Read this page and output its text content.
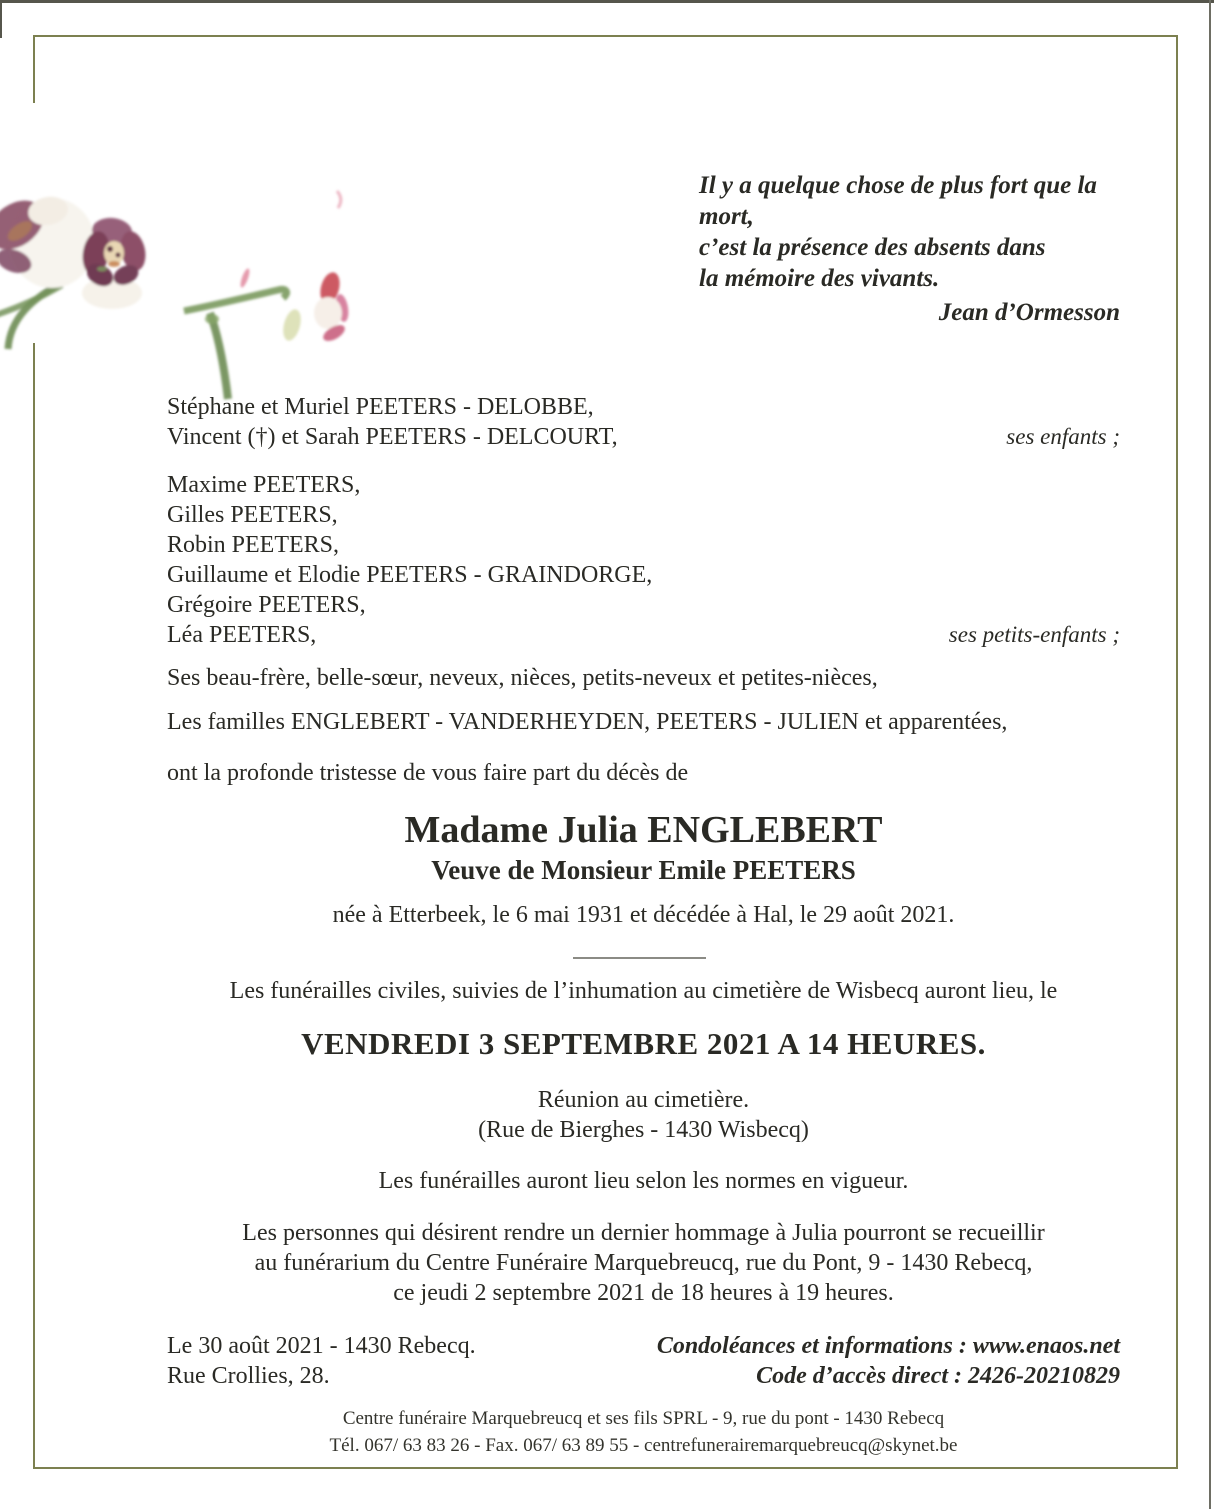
Il y a quelque chose de plus fort que la mort,
c’est la présence des absents dans
la mémoire des vivants.
Jean d’Ormesson
Stéphane et Muriel PEETERS - DELOBBE,
Vincent (†) et Sarah PEETERS - DELCOURT,	ses enfants ;
Maxime PEETERS,
Gilles PEETERS,
Robin PEETERS,
Guillaume et Elodie PEETERS - GRAINDORGE,
Grégoire PEETERS,
Léa PEETERS,	ses petits-enfants ;
Ses beau-frère, belle-sœur, neveux, nièces, petits-neveux et petites-nièces,
Les familles ENGLEBERT - VANDERHEYDEN, PEETERS - JULIEN et apparentées,
ont la profonde tristesse de vous faire part du décès de
Madame Julia ENGLEBERT
Veuve de Monsieur Emile PEETERS
née à Etterbeek, le 6 mai 1931 et décédée à Hal, le 29 août 2021.
Les funérailles civiles, suivies de l’inhumation au cimetière de Wisbecq auront lieu, le
VENDREDI 3 SEPTEMBRE 2021 A 14 HEURES.
Réunion au cimetière.
(Rue de Bierghes - 1430 Wisbecq)
Les funérailles auront lieu selon les normes en vigueur.
Les personnes qui désirent rendre un dernier hommage à Julia pourront se recueillir
au funérarium du Centre Funéraire Marquebreucq, rue du Pont, 9 - 1430 Rebecq,
ce jeudi 2 septembre 2021 de 18 heures à 19 heures.
Le 30 août 2021 - 1430 Rebecq.
Rue Crollies, 28.
Condoléances et informations : www.enaos.net
Code d’accès direct : 2426-20210829
Centre funéraire Marquebreucq et ses fils SPRL - 9, rue du pont - 1430 Rebecq
Tél. 067/ 63 83 26 - Fax. 067/ 63 89 55 - centrefunerairemarquebreucq@skynet.be
